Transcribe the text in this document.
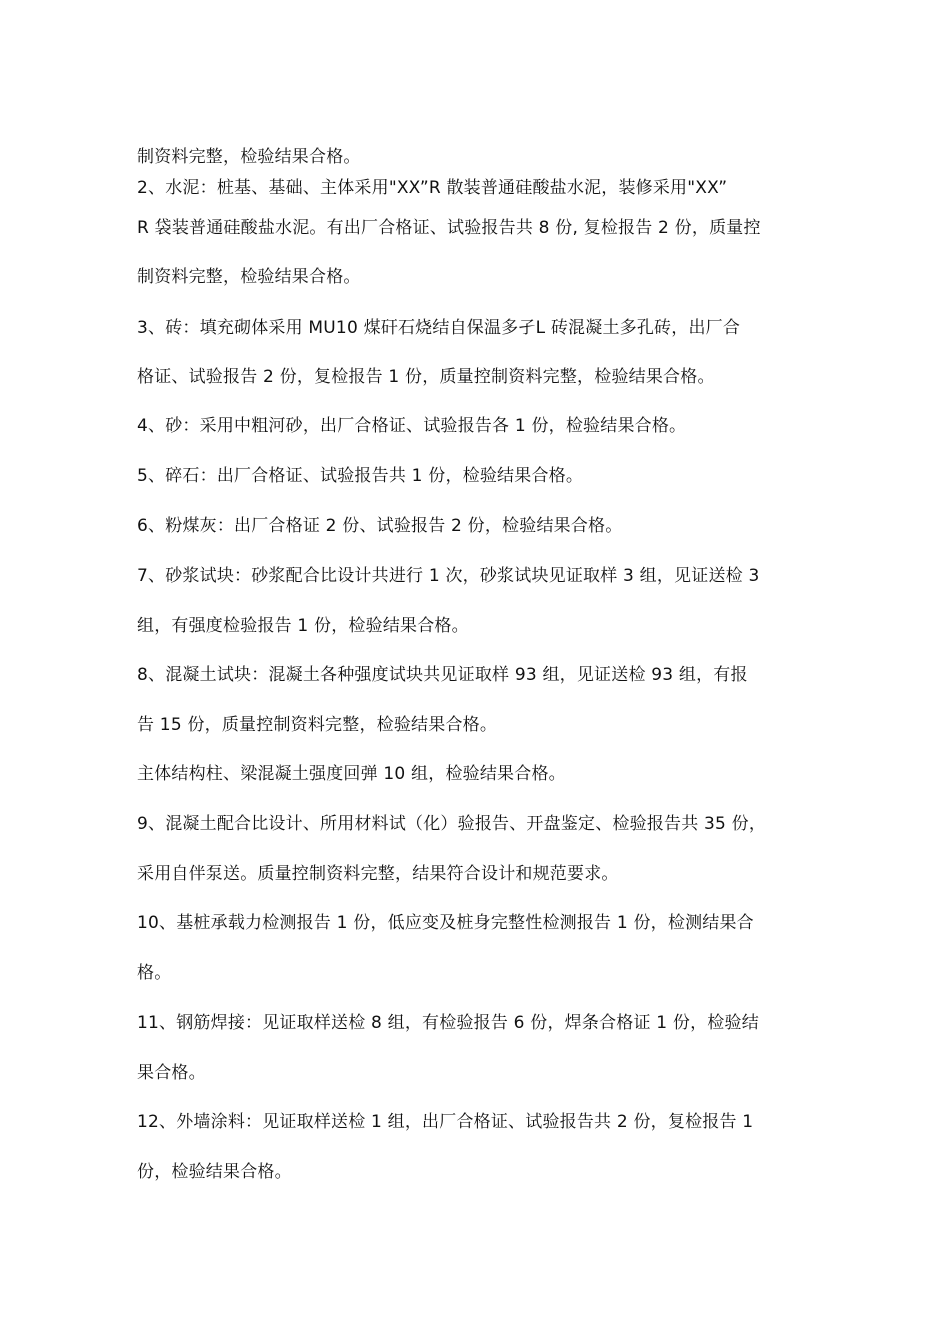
制资料完整，检验结果合格。
2、水泥：桩基、基础、主体采用"XX”R 散装普通硅酸盐水泥，装修采用"XX”
R 袋装普通硅酸盐水泥。有出厂合格证、试验报告共 8 份, 复检报告 2 份，质量控
制资料完整，检验结果合格。
3、砖：填充砌体采用 MU10 煤矸石烧结自保温多孑L 砖混凝土多孔砖，出厂合
格证、试验报告 2 份，复检报告 1 份，质量控制资料完整，检验结果合格。
4、砂：采用中粗河砂，出厂合格证、试验报告各 1 份，检验结果合格。
5、碎石：出厂合格证、试验报告共 1 份，检验结果合格。
6、粉煤灰：出厂合格证 2 份、试验报告 2 份，检验结果合格。
7、砂浆试块：砂浆配合比设计共进行 1 次，砂浆试块见证取样 3 组，见证送检 3
组，有强度检验报告 1 份，检验结果合格。
8、混凝土试块：混凝土各种强度试块共见证取样 93 组，见证送检 93 组，有报
告 15 份，质量控制资料完整，检验结果合格。
主体结构柱、梁混凝土强度回弹 10 组，检验结果合格。
9、混凝土配合比设计、所用材料试（化）验报告、开盘鉴定、检验报告共 35 份，
采用自伴泵送。质量控制资料完整，结果符合设计和规范要求。
10、基桩承载力检测报告 1 份，低应变及桩身完整性检测报告 1 份，检测结果合
格。
11、钢筋焊接：见证取样送检 8 组，有检验报告 6 份，焊条合格证 1 份，检验结
果合格。
12、外墙涂料：见证取样送检 1 组，出厂合格证、试验报告共 2 份，复检报告 1
份，检验结果合格。
